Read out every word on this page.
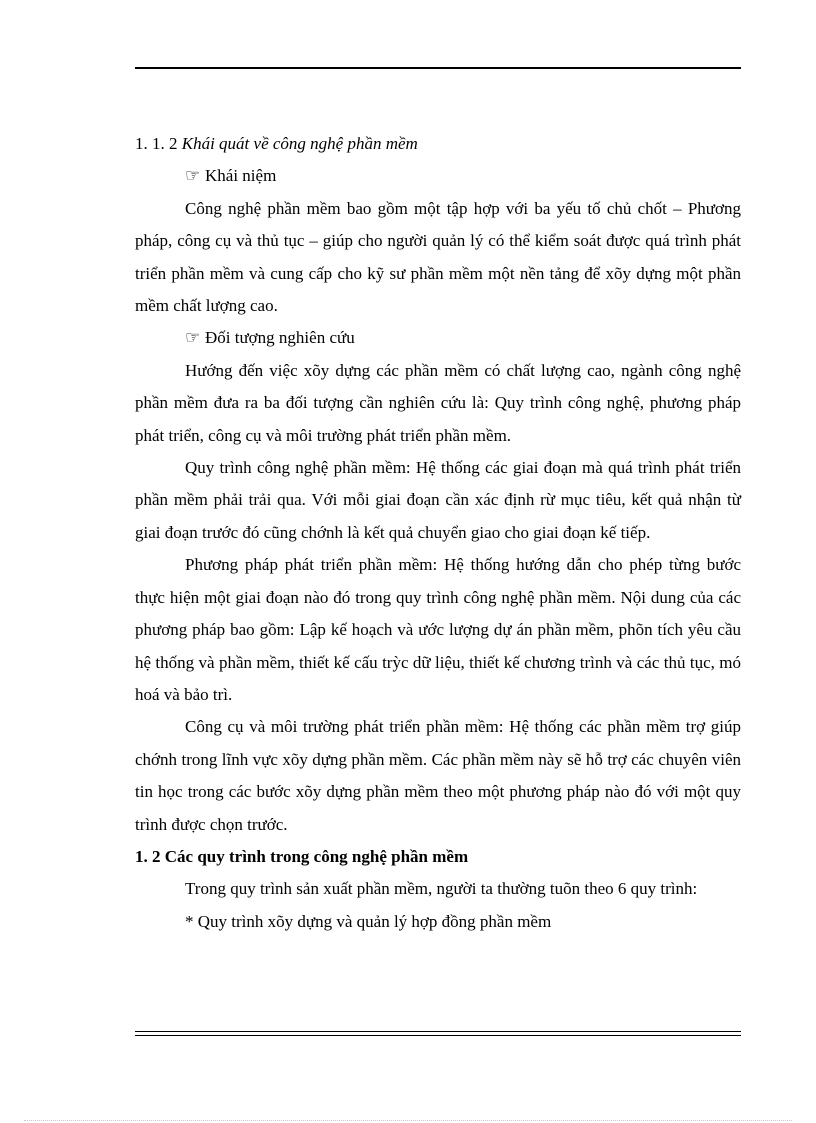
1. 1. 2 Khái quát về công nghệ phần mềm

☞ Khái niệm

Công nghệ phần mềm bao gồm một tập hợp với ba yếu tố chủ chốt – Phương pháp, công cụ và thủ tục – giúp cho người quản lý có thể kiểm soát được quá trình phát triển phần mềm và cung cấp cho kỹ sư phần mềm một nền tảng để xõy dựng một phần mềm chất lượng cao.

☞ Đối tượng nghiên cứu

Hướng đến việc xõy dựng các phần mềm có chất lượng cao, ngành công nghệ phần mềm đưa ra ba đối tượng cần nghiên cứu là: Quy trình công nghệ, phương pháp phát triển, công cụ và môi trường phát triển phần mềm.

Quy trình công nghệ phần mềm: Hệ thống các giai đoạn mà quá trình phát triển phần mềm phải trải qua. Với mỗi giai đoạn cần xác định rừ mục tiêu, kết quả nhận từ giai đoạn trước đó cũng chớnh là kết quả chuyển giao cho giai đoạn kế tiếp.

Phương pháp phát triển phần mềm: Hệ thống hướng dẫn cho phép từng bước thực hiện một giai đoạn nào đó trong quy trình công nghệ phần mềm. Nội dung của các phương pháp bao gồm: Lập kế hoạch và ước lượng dự án phần mềm, phõn tích yêu cầu hệ thống và phần mềm, thiết kế cấu trỳc dữ liệu, thiết kế chương trình và các thủ tục, mó hoá và bảo trì.

Công cụ và môi trường phát triển phần mềm: Hệ thống các phần mềm trợ giúp chớnh trong lĩnh vực xõy dựng phần mềm. Các phần mềm này sẽ hỗ trợ các chuyên viên tin học trong các bước xõy dựng phần mềm theo một phương pháp nào đó với một quy trình được chọn trước.

1. 2 Các quy trình trong công nghệ phần mềm

Trong quy trình sản xuất phần mềm, người ta thường tuõn theo 6 quy trình:

* Quy trình xõy dựng và quản lý hợp đồng phần mềm
